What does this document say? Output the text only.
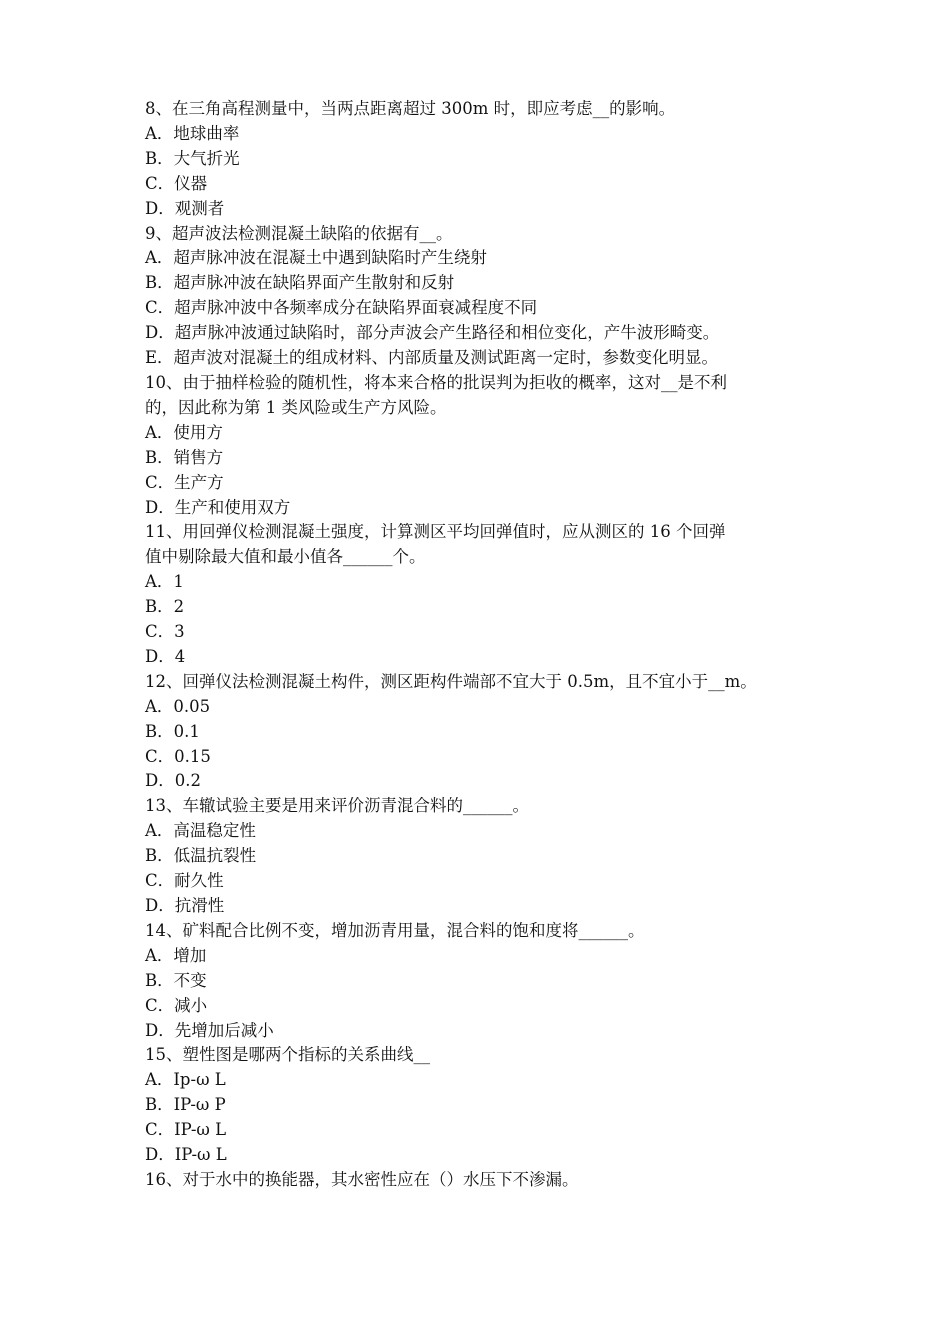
8、在三角高程测量中，当两点距离超过 300m 时，即应考虑__的影响。
A．地球曲率
B．大气折光
C．仪器
D．观测者
9、超声波法检测混凝土缺陷的依据有__。
A．超声脉冲波在混凝土中遇到缺陷时产生绕射
B．超声脉冲波在缺陷界面产生散射和反射
C．超声脉冲波中各频率成分在缺陷界面衰减程度不同
D．超声脉冲波通过缺陷时，部分声波会产生路径和相位变化，产牛波形畸变。
E．超声波对混凝土的组成材料、内部质量及测试距离一定时，参数变化明显。
10、由于抽样检验的随机性，将本来合格的批误判为拒收的概率，这对__是不利
的，因此称为第 1 类风险或生产方风险。
A．使用方
B．销售方
C．生产方
D．生产和使用双方
11、用回弹仪检测混凝土强度，计算测区平均回弹值时，应从测区的 16 个回弹
值中剔除最大值和最小值各______个。
A．1
B．2
C．3
D．4
12、回弹仪法检测混凝土构件，测区距构件端部不宜大于 0.5m，且不宜小于__m。
A．0.05
B．0.1
C．0.15
D．0.2
13、车辙试验主要是用来评价沥青混合料的______。
A．高温稳定性
B．低温抗裂性
C．耐久性
D．抗滑性
14、矿料配合比例不变，增加沥青用量，混合料的饱和度将______。
A．增加
B．不变
C．减小
D．先增加后减小
15、塑性图是哪两个指标的关系曲线__
A．Ip-ω L
B．IP-ω P
C．IP-ω L
D．IP-ω L
16、对于水中的换能器，其水密性应在（）水压下不渗漏。
